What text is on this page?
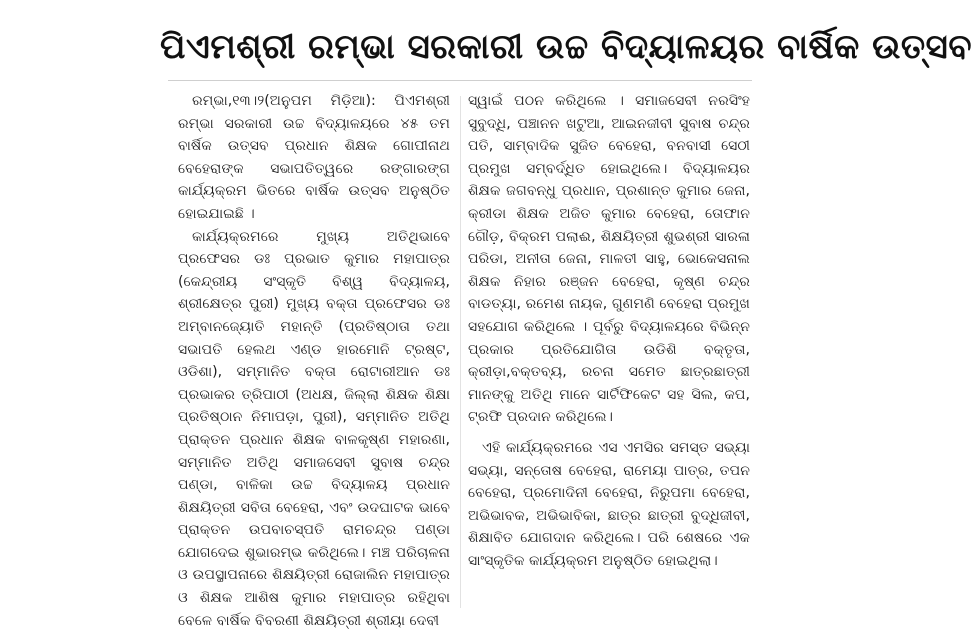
ପିଏମଶ୍ରୀ ରମ୍ଭା ସରକାରୀ ଉଚ୍ଚ ବିଦ୍ୟାଳୟର ବାର୍ଷିକ ଉତ୍ସବ

ରମ୍ଭା,୧୩।୨(ଅନୁପମ ମିଡ଼ିଆ): ପିଏମଶ୍ରୀ ରମ୍ଭା ସରକାରୀ ଉଚ୍ଚ ବିଦ୍ୟାଳୟରେ ୪୫ ତମ ବାର୍ଷିକ ଉତ୍ସବ ପ୍ରଧାନ ଶିକ୍ଷକ ଗୋପୀନାଥ ବେହେରାଙ୍କ ସଭାପତିତ୍ୱରେ ରଙ୍ଗାରଙ୍ଗ କାର୍ଯ୍ୟକ୍ରମ ଭିତରେ ବାର୍ଷିକ ଉତ୍ସବ ଅନୁଷ୍ଠିତ ହୋଇଯାଇଛି ।

କାର୍ଯ୍ୟକ୍ରମରେ ମୁଖ୍ୟ ଅତିଥିଭାବେ ପ୍ରଫେସର ଡଃ ପ୍ରଭାତ କୁମାର ମହାପାତ୍ର (କେନ୍ଦ୍ରୀୟ ସଂସ୍କୃତି ବିଶ୍ୱ ବିଦ୍ୟାଳୟ, ଶ୍ରୀକ୍ଷେତ୍ର ପୁରୀ) ମୁଖ୍ୟ ବକ୍ତା ପ୍ରଫେସର ଡଃ ଅମ୍ବାନଜ୍ୟୋତି ମହାନ୍ତି (ପ୍ରତିଷ୍ଠାତା ତଥା ସଭାପତି ହେଲଥ ଏଣ୍ଡ ହାରମୋନି ଟ୍ରଷ୍ଟ, ଓଡିଶା), ସମ୍ମାନିତ ବକ୍ତା ରୋଟାରୀଆନ ଡଃ ପ୍ରଭାକର ତ୍ରିପାଠୀ (ଅଧକ୍ଷ, ଜିଲ୍ଲା ଶିକ୍ଷକ ଶିକ୍ଷା ପ୍ରତିଷ୍ଠାନ ନିମାପଡ଼ା, ପୁରୀ), ସମ୍ମାନିତ ଅତିଥି ପ୍ରାକ୍ତନ ପ୍ରଧାନ ଶିକ୍ଷକ ବାଳକୃଷ୍ଣ ମହାରଣା, ସମ୍ମାନିତ ଅତିଥି ସମାଜସେବୀ ସୁବାଷ ଚନ୍ଦ୍ର ପଣ୍ଡା, ବାଳିକା ଉଚ୍ଚ ବିଦ୍ୟାଳୟ ପ୍ରଧାନ ଶିକ୍ଷୟିତ୍ରୀ ସବିତା ବେହେରା, ଏବଂ ଉଦଘାଟକ ଭାବେ ପ୍ରାକ୍ତନ ଉପବାଚସ୍ପତି ରାମଚନ୍ଦ୍ର ପଣ୍ଡା ଯୋଗଦେଇ ଶୁଭାରମ୍ଭ କରିଥିଲେ। ମଞ୍ଚ ପରିଚାଳନା ଓ ଉପସ୍ଥାପନାରେ ଶିକ୍ଷୟିତ୍ରୀ ରୋଜାଲିନ ମହାପାତ୍ର ଓ ଶିକ୍ଷକ ଆଶିଷ କୁମାର ମହାପାତ୍ର ରହିଥିବା ବେଳେ ବାର୍ଷିକ ବିବରଣୀ ଶିକ୍ଷୟିତ୍ରୀ ଶ୍ରୀୟା ଦେବୀ

ସ୍ୱାଇଁ ପଠନ କରିଥିଲେ । ସମାଜସେବୀ ନରସିଂହ ସୁବୁଦ୍ଧି, ପଞ୍ଚାନନ ଖଟୁଆ, ଆଇନଜୀବୀ ସୁବାଷ ଚନ୍ଦ୍ର ପତି, ସାମ୍ବାଦିକ ସୁଜିତ ବେହେରା, ବନବାସୀ ସେଠୀ ପ୍ରମୁଖ ସମ୍ବର୍ଦ୍ଧିତ ହୋଇଥିଲେ। ବିଦ୍ୟାଳୟର ଶିକ୍ଷକ ଜଗବନ୍ଧୁ ପ୍ରଧାନ, ପ୍ରଶାନ୍ତ କୁମାର ଜେନା, କ୍ରୀଡା ଶିକ୍ଷକ ଅଜିତ କୁମାର ବେହେରା, ତୋଫାନ ଗୌଡ଼, ବିକ୍ରମ ପଲାଈ, ଶିକ୍ଷୟିତ୍ରୀ ଶୁଭଶ୍ରୀ ସାରଳା ପରିଡା, ଅନୀତା ଜେନା, ମାଳତୀ ସାହୁ, ଭୋକେସନାଲ ଶିକ୍ଷକ ନିହାର ରଞ୍ଜନ ବେହେରା, କୃଷ୍ଣ ଚନ୍ଦ୍ର ବାଡତ୍ୟା, ରମେଶ ନାୟକ, ଗୁଣମଣି ବେହେରା ପ୍ରମୁଖ ସହଯୋଗ କରିଥିଲେ । ପୂର୍ବରୁ ବିଦ୍ୟାଳୟରେ ବିଭିନ୍ନ ପ୍ରକାର ପ୍ରତିଯୋଗିତା ଉଡିଶି ବକ୍ତୃତା, କ୍ରୀଡ଼ା,ବକ୍ତବ୍ୟ, ରଚନା ସମେତ ଛାତ୍ରଛାତ୍ରୀ ମାନଙ୍କୁ ଅତିଥି ମାନେ ସାର୍ଟିଫିକେଟ ସହ ସିଲ, କପ, ଟ୍ରଫି ପ୍ରଦାନ କରିଥିଲେ।

ଏହି କାର୍ଯ୍ୟକ୍ରମରେ ଏସ ଏମସିର ସମସ୍ତ ସଭ୍ୟା ସଭ୍ୟା, ସନ୍ତୋଷ ବେହେରା, ରାମେୟା ପାତ୍ର, ତପନ ବେହେରା, ପ୍ରମୋଦିନୀ ବେହେରା, ନିରୁପମା ବେହେରା, ଅଭିଭାବକ, ଅଭିଭାବିକା, ଛାତ୍ର ଛାତ୍ରୀ ବୁଦ୍ଧିଜୀବୀ, ଶିକ୍ଷାବିତ ଯୋଗଦାନ କରିଥିଲେ। ପରି ଶେଷରେ ଏକ ସାଂସ୍କୃତିକ କାର୍ଯ୍ୟକ୍ରମ ଅନୁଷ୍ଠିତ ହୋଇଥିଲା।
